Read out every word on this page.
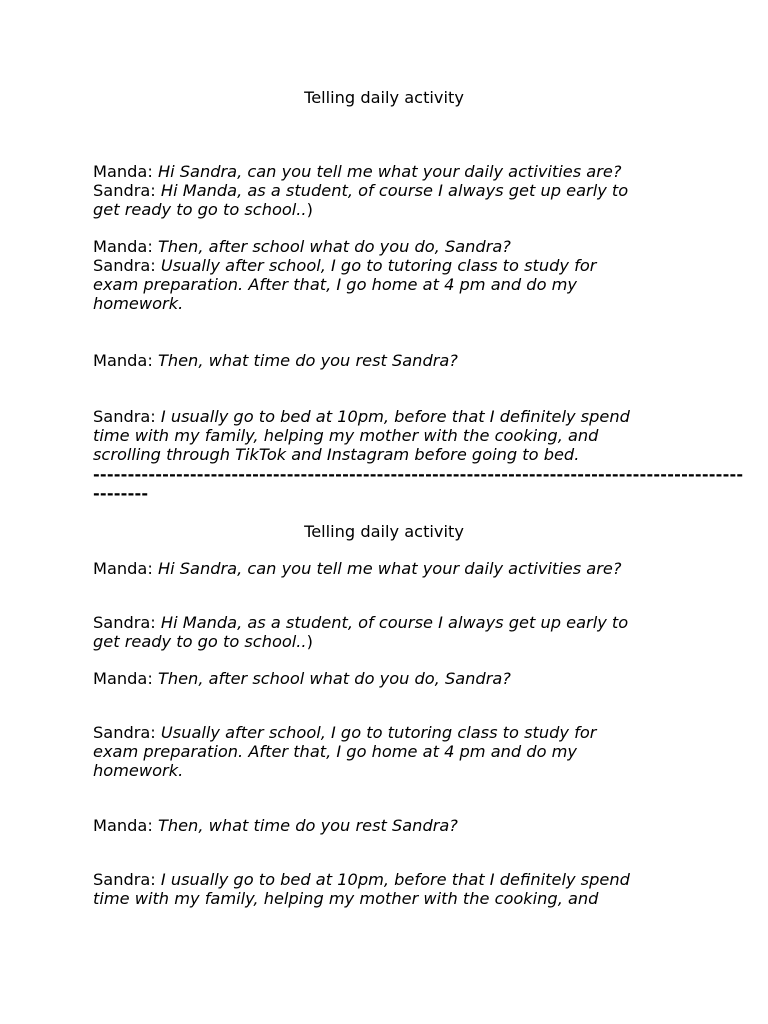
Telling daily activity
Manda: Hi Sandra, can you tell me what your daily activities are?
Sandra: Hi Manda, as a student, of course I always get up early to
get ready to go to school..)
Manda: Then, after school what do you do, Sandra?
Sandra: Usually after school, I go to tutoring class to study for
exam preparation. After that, I go home at 4 pm and do my
homework.
Manda: Then, what time do you rest Sandra?
Sandra: I usually go to bed at 10pm, before that I definitely spend
time with my family, helping my mother with the cooking, and
scrolling through TikTok and Instagram before going to bed.
----------------------------------------------------------------------------------------------
--------
Telling daily activity
Manda: Hi Sandra, can you tell me what your daily activities are?
Sandra: Hi Manda, as a student, of course I always get up early to
get ready to go to school..)
Manda: Then, after school what do you do, Sandra?
Sandra: Usually after school, I go to tutoring class to study for
exam preparation. After that, I go home at 4 pm and do my
homework.
Manda: Then, what time do you rest Sandra?
Sandra: I usually go to bed at 10pm, before that I definitely spend
time with my family, helping my mother with the cooking, and
